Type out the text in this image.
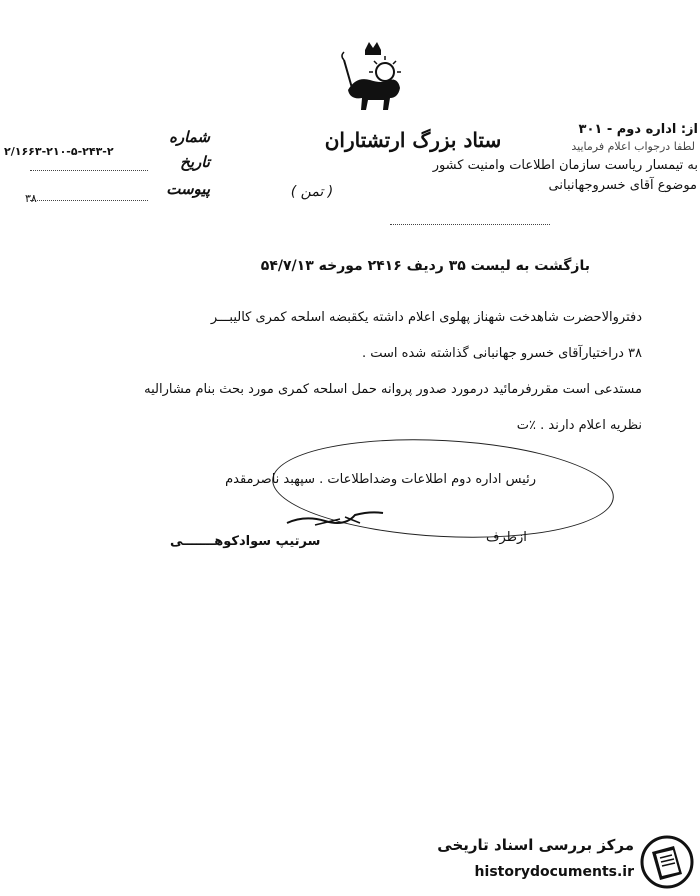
از: اداره دوم - ۳۰۱
لطفا درجواب اعلام فرمایید
ستاد بزرگ ارتشتاران
به تیمسار ریاست سازمان اطلاعات وامنیت کشور
موضوع آقای خسروجهانبانی
( تمن )
شماره
تاریخ
پیوست
۲/۱۶۶۳-۲۱۰-۵-۲۴۳-۲
۳۸
بازگشت به لیست ۳۵ ردیف ۲۴۱۶ مورخه ۵۴/۷/۱۳
دفتروالاحضرت شاهدخت شهناز پهلوی اعلام داشته یکقبضه اسلحه کمری کالیبـــر
۳۸ دراختیارآقای خسرو جهانبانی گذاشته شده است .
مستدعی است مقررفرمائید درمورد صدور پروانه حمل اسلحه کمری مورد بحث بنام مشارالیه
نظریه اعلام دارند . ٪ت
رئیس اداره دوم اطلاعات وضداطلاعات . سپهبد ناصرمقدم
ازطرف
سرتیپ سوادکوهـــــــی
مرکز بررسی اسناد تاریخی
historydocuments.ir
